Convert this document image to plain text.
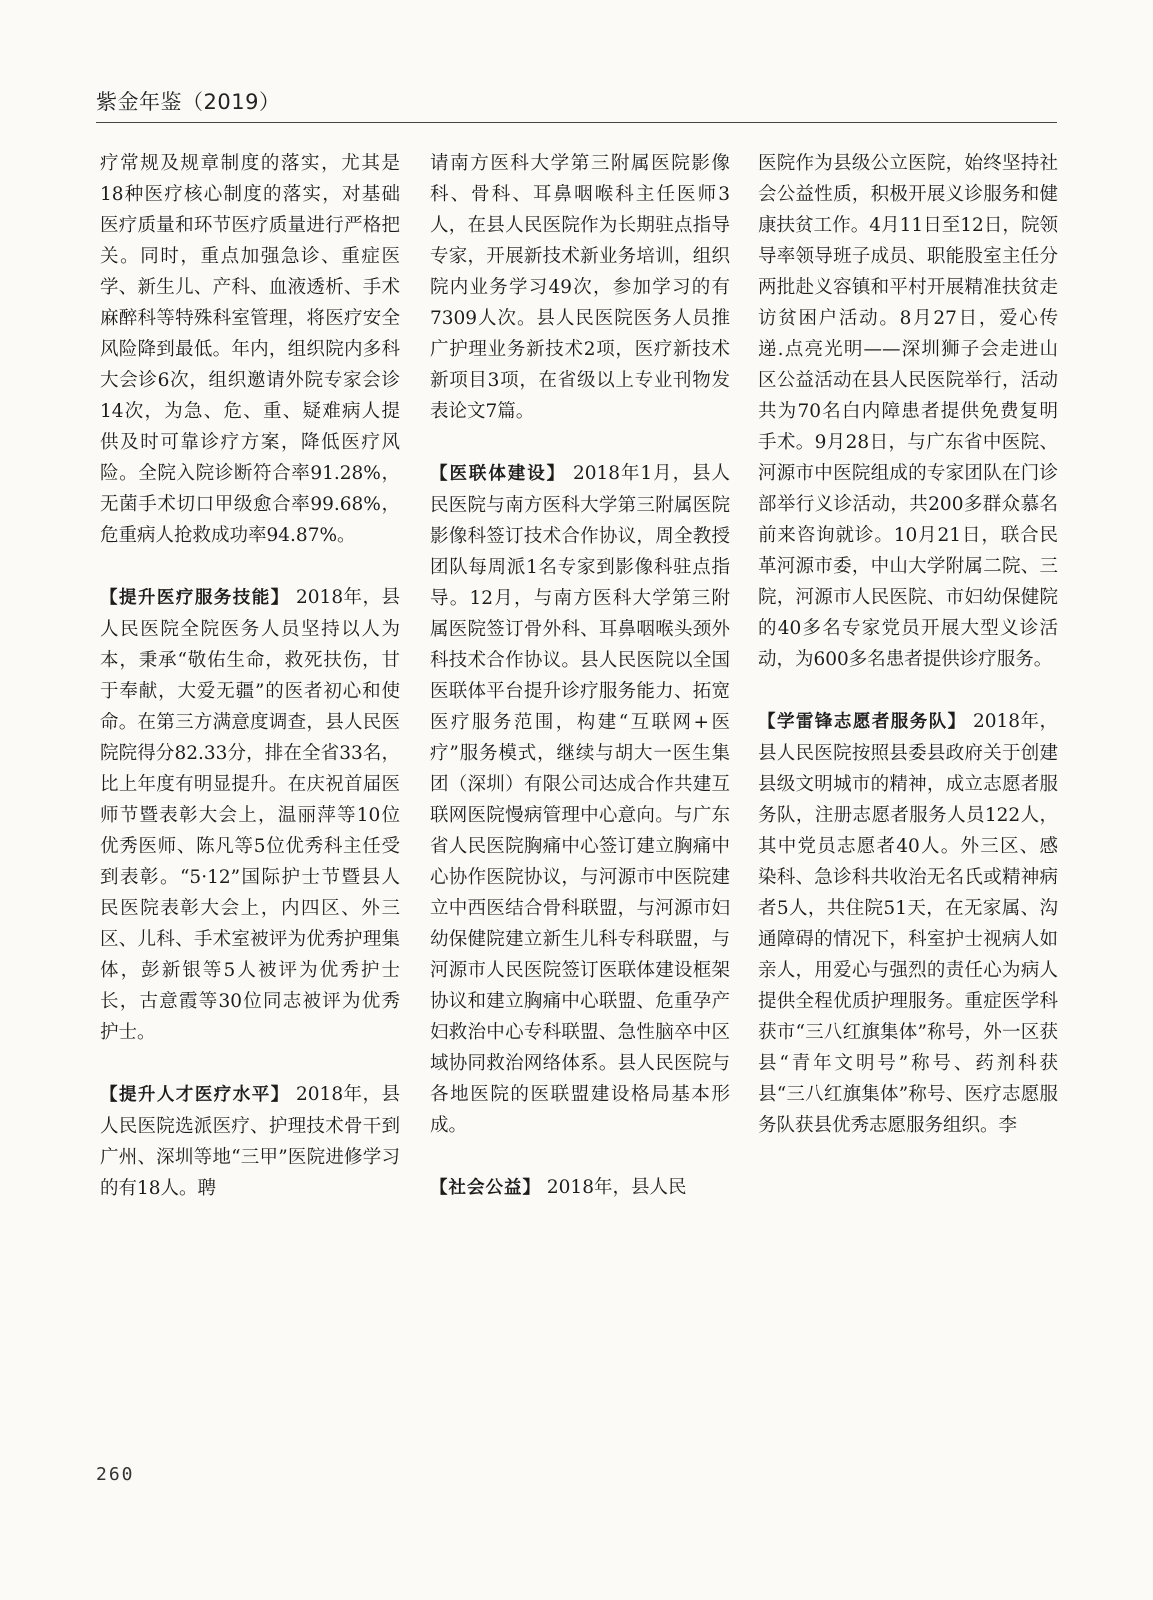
紫金年鉴（2019）

疗常规及规章制度的落实，尤其是18种医疗核心制度的落实，对基础医疗质量和环节医疗质量进行严格把关。同时，重点加强急诊、重症医学、新生儿、产科、血液透析、手术麻醉科等特殊科室管理，将医疗安全风险降到最低。年内，组织院内多科大会诊6次，组织邀请外院专家会诊14次，为急、危、重、疑难病人提供及时可靠诊疗方案，降低医疗风险。全院入院诊断符合率91.28%，无菌手术切口甲级愈合率99.68%，危重病人抢救成功率94.87%。

【提升医疗服务技能】 2018年，县人民医院全院医务人员坚持以人为本，秉承“敬佑生命，救死扶伤，甘于奉献，大爱无疆”的医者初心和使命。在第三方满意度调查，县人民医院院得分82.33分，排在全省33名，比上年度有明显提升。在庆祝首届医师节暨表彰大会上，温丽萍等10位优秀医师、陈凡等5位优秀科主任受到表彰。“5·12”国际护士节暨县人民医院表彰大会上，内四区、外三区、儿科、手术室被评为优秀护理集体，彭新银等5人被评为优秀护士长，古意霞等30位同志被评为优秀护士。

【提升人才医疗水平】 2018年，县人民医院选派医疗、护理技术骨干到广州、深圳等地“三甲”医院进修学习的有18人。聘

请南方医科大学第三附属医院影像科、骨科、耳鼻咽喉科主任医师3人，在县人民医院作为长期驻点指导专家，开展新技术新业务培训，组织院内业务学习49次，参加学习的有7309人次。县人民医院医务人员推广护理业务新技术2项，医疗新技术新项目3项，在省级以上专业刊物发表论文7篇。

【医联体建设】 2018年1月，县人民医院与南方医科大学第三附属医院影像科签订技术合作协议，周全教授团队每周派1名专家到影像科驻点指导。12月，与南方医科大学第三附属医院签订骨外科、耳鼻咽喉头颈外科技术合作协议。县人民医院以全国医联体平台提升诊疗服务能力、拓宽医疗服务范围，构建“互联网+医疗”服务模式，继续与胡大一医生集团（深圳）有限公司达成合作共建互联网医院慢病管理中心意向。与广东省人民医院胸痛中心签订建立胸痛中心协作医院协议，与河源市中医院建立中西医结合骨科联盟，与河源市妇幼保健院建立新生儿科专科联盟，与河源市人民医院签订医联体建设框架协议和建立胸痛中心联盟、危重孕产妇救治中心专科联盟、急性脑卒中区域协同救治网络体系。县人民医院与各地医院的医联盟建设格局基本形成。

【社会公益】 2018年，县人民

医院作为县级公立医院，始终坚持社会公益性质，积极开展义诊服务和健康扶贫工作。4月11日至12日，院领导率领导班子成员、职能股室主任分两批赴义容镇和平村开展精准扶贫走访贫困户活动。8月27日，爱心传递.点亮光明——深圳狮子会走进山区公益活动在县人民医院举行，活动共为70名白内障患者提供免费复明手术。9月28日，与广东省中医院、河源市中医院组成的专家团队在门诊部举行义诊活动，共200多群众慕名前来咨询就诊。10月21日，联合民革河源市委，中山大学附属二院、三院，河源市人民医院、市妇幼保健院的40多名专家党员开展大型义诊活动，为600多名患者提供诊疗服务。

【学雷锋志愿者服务队】 2018年，县人民医院按照县委县政府关于创建县级文明城市的精神，成立志愿者服务队，注册志愿者服务人员122人，其中党员志愿者40人。外三区、感染科、急诊科共收治无名氏或精神病者5人，共住院51天，在无家属、沟通障碍的情况下，科室护士视病人如亲人，用爱心与强烈的责任心为病人提供全程优质护理服务。重症医学科获市“三八红旗集体”称号，外一区获县“青年文明号”称号、药剂科获县“三八红旗集体”称号、医疗志愿服务队获县优秀志愿服务组织。李

260
